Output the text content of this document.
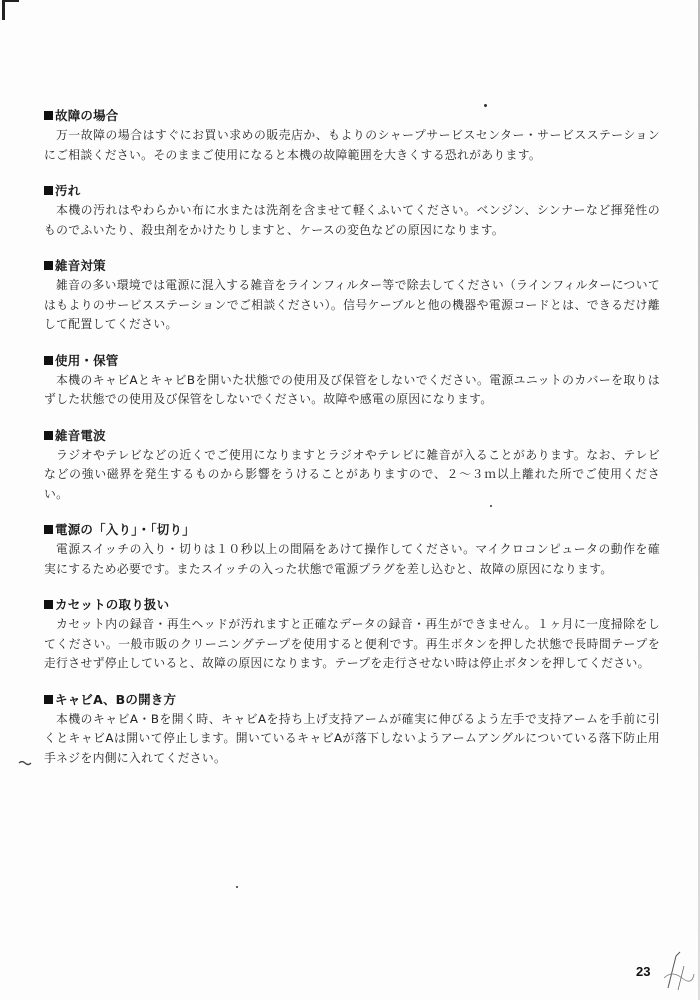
故障の場合
万一故障の場合はすぐにお買い求めの販売店か、もよりのシャープサービスセンター・サービスステーションにご相談ください。そのままご使用になると本機の故障範囲を大きくする恐れがあります。
汚れ
本機の汚れはやわらかい布に水または洗剤を含ませて軽くふいてください。ベンジン、シンナーなど揮発性のものでふいたり、殺虫剤をかけたりしますと、ケースの変色などの原因になります。
雑音対策
雑音の多い環境では電源に混入する雑音をラインフィルター等で除去してください（ラインフィルターについてはもよりのサービスステーションでご相談ください）。信号ケーブルと他の機器や電源コードとは、できるだけ離して配置してください。
使用・保管
本機のキャビAとキャビBを開いた状態での使用及び保管をしないでください。電源ユニットのカバーを取りはずした状態での使用及び保管をしないでください。故障や感電の原因になります。
雑音電波
ラジオやテレビなどの近くでご使用になりますとラジオやテレビに雑音が入ることがあります。なお、テレビなどの強い磁界を発生するものから影響をうけることがありますので、２～３ｍ以上離れた所でご使用ください。
電源の「入り」・「切り」
電源スイッチの入り・切りは１０秒以上の間隔をあけて操作してください。マイクロコンピュータの動作を確実にするため必要です。またスイッチの入った状態で電源プラグを差し込むと、故障の原因になります。
カセットの取り扱い
カセット内の録音・再生ヘッドが汚れますと正確なデータの録音・再生ができません。１ヶ月に一度掃除をしてください。一般市販のクリーニングテープを使用すると便利です。再生ボタンを押した状態で長時間テープを走行させず停止していると、故障の原因になります。テープを走行させない時は停止ボタンを押してください。
キャビA、Bの開き方
本機のキャビA・Bを開く時、キャビAを持ち上げ支持アームが確実に伸びるよう左手で支持アームを手前に引くとキャビAは開いて停止します。開いているキャビAが落下しないようアームアングルについている落下防止用手ネジを内側に入れてください。
23
